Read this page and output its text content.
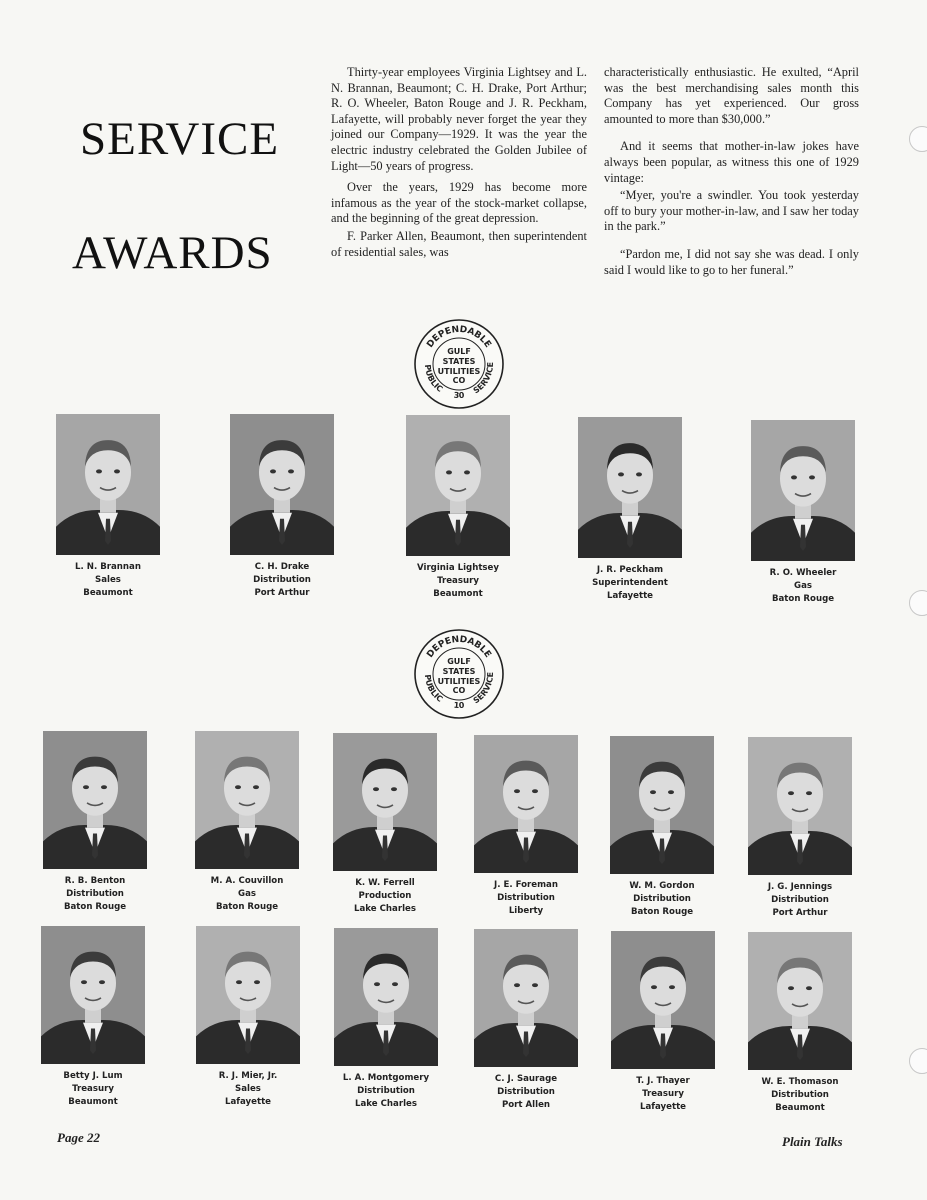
SERVICE
AWARDS

Thirty-year employees Virginia Lightsey and L. N. Brannan, Beaumont; C. H. Drake, Port Arthur; R. O. Wheeler, Baton Rouge and J. R. Peckham, Lafayette, will probably never forget the year they joined our Company—1929. It was the year the electric industry celebrated the Golden Jubilee of Light—50 years of progress.

Over the years, 1929 has become more infamous as the year of the stock-market collapse, and the beginning of the great depression.

F. Parker Allen, Beaumont, then superintendent of residential sales, was

characteristically enthusiastic. He exulted, “April was the best merchandising sales month this Company has yet experienced. Our gross amounted to more than $30,000.”

And it seems that mother-in-law jokes have always been popular, as witness this one of 1929 vintage:

“Myer, you're a swindler. You took yesterday off to bury your mother-in-law, and I saw her today in the park.”

“Pardon me, I did not say she was dead. I only said I would like to go to her funeral.”

DEPENDABLE
PUBLIC
30 SERVICE
GULF
STATES
UTILITIES
CO
DEPENDABLE
PUBLIC
10 SERVICE
GULF
STATES
UTILITIES
CO
L. N. Brannan
Sales
Beaumont
C. H. Drake
Distribution
Port Arthur
Virginia Lightsey
Treasury
Beaumont
J. R. Peckham
Superintendent
Lafayette
R. O. Wheeler
Gas
Baton Rouge
R. B. Benton
Distribution
Baton Rouge
M. A. Couvillon
Gas
Baton Rouge
K. W. Ferrell
Production
Lake Charles
J. E. Foreman
Distribution
Liberty
W. M. Gordon
Distribution
Baton Rouge
J. G. Jennings
Distribution
Port Arthur
Betty J. Lum
Treasury
Beaumont
R. J. Mier, Jr.
Sales
Lafayette
L. A. Montgomery
Distribution
Lake Charles
C. J. Saurage
Distribution
Port Allen
T. J. Thayer
Treasury
Lafayette
W. E. Thomason
Distribution
Beaumont
Page 22	Plain Talks
